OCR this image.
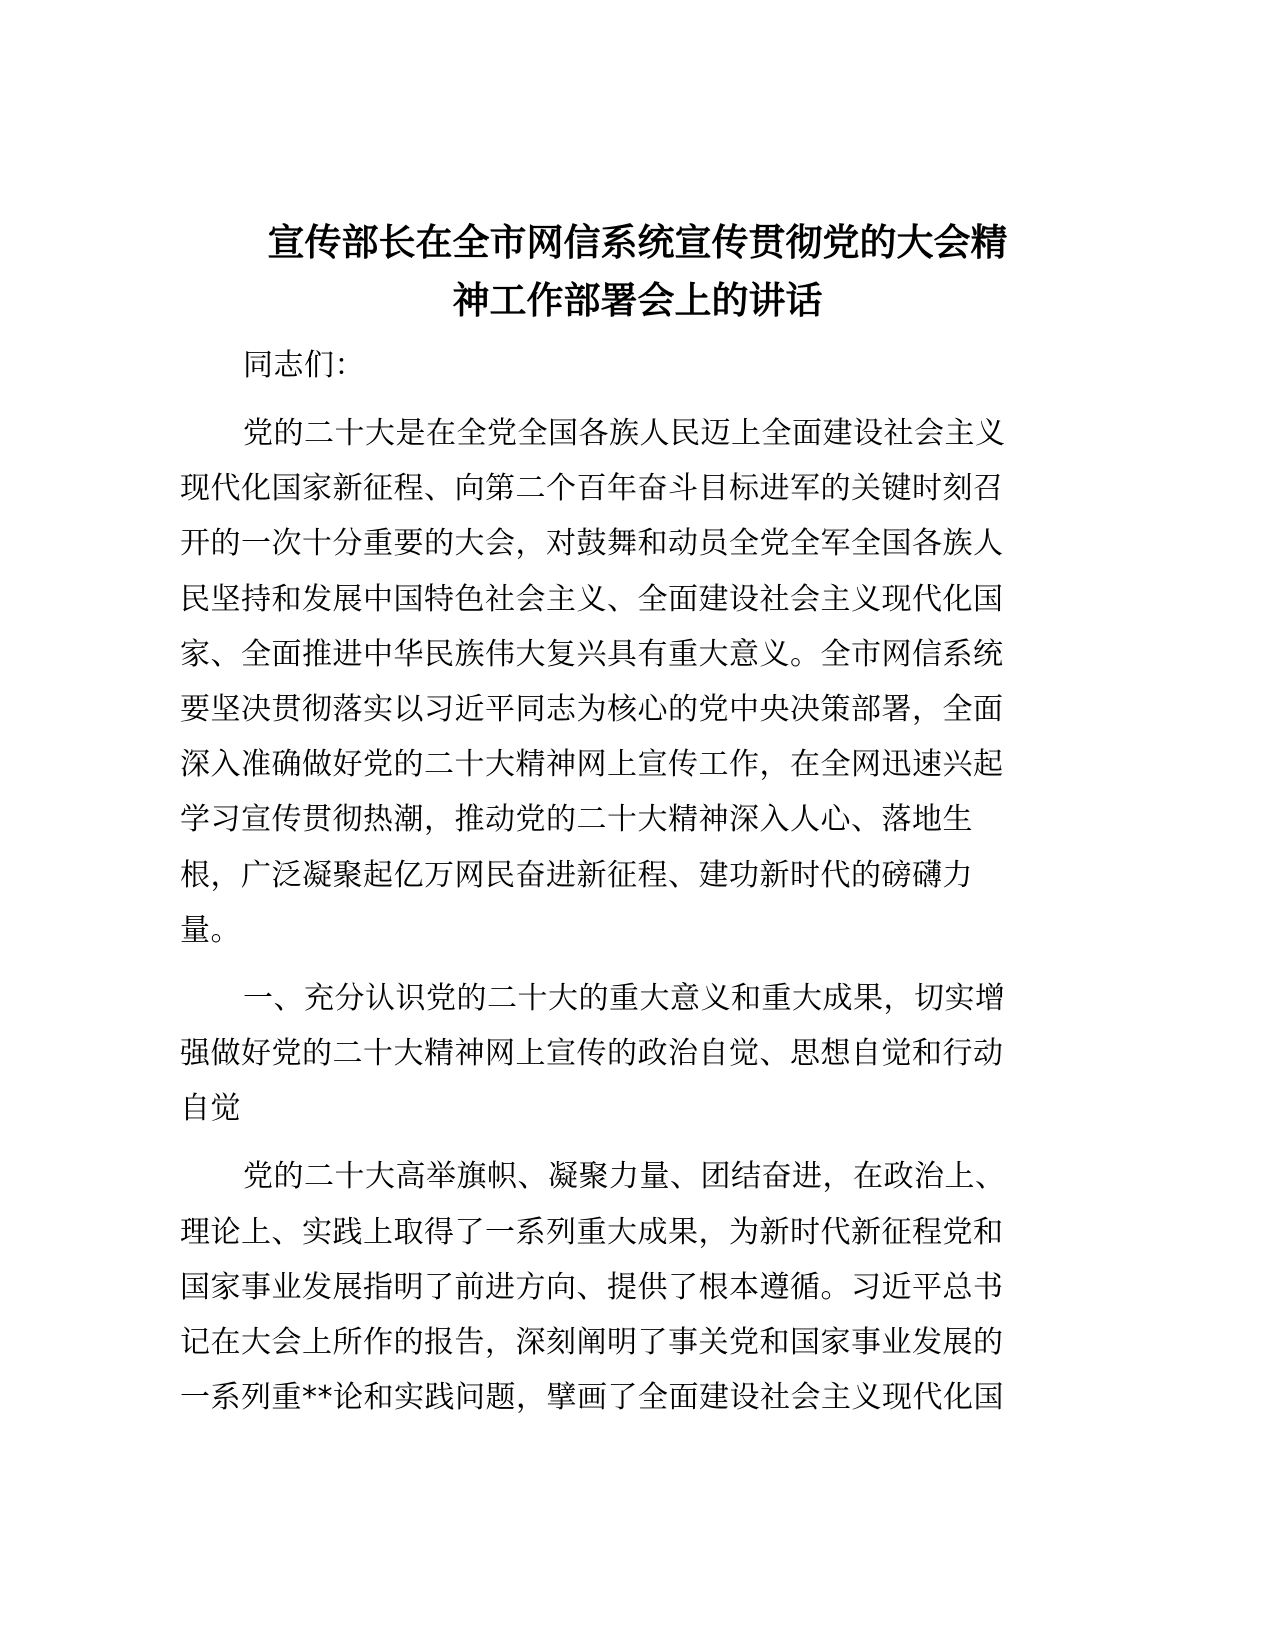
宣传部长在全市网信系统宣传贯彻党的大会精
神工作部署会上的讲话
同志们：
党的二十大是在全党全国各族人民迈上全面建设社会主义
现代化国家新征程、向第二个百年奋斗目标进军的关键时刻召
开的一次十分重要的大会，对鼓舞和动员全党全军全国各族人
民坚持和发展中国特色社会主义、全面建设社会主义现代化国
家、全面推进中华民族伟大复兴具有重大意义。全市网信系统
要坚决贯彻落实以习近平同志为核心的党中央决策部署，全面
深入准确做好党的二十大精神网上宣传工作，在全网迅速兴起
学习宣传贯彻热潮，推动党的二十大精神深入人心、落地生
根，广泛凝聚起亿万网民奋进新征程、建功新时代的磅礴力
量。
一、充分认识党的二十大的重大意义和重大成果，切实增
强做好党的二十大精神网上宣传的政治自觉、思想自觉和行动
自觉
党的二十大高举旗帜、凝聚力量、团结奋进，在政治上、
理论上、实践上取得了一系列重大成果，为新时代新征程党和
国家事业发展指明了前进方向、提供了根本遵循。习近平总书
记在大会上所作的报告，深刻阐明了事关党和国家事业发展的
一系列重**论和实践问题，擘画了全面建设社会主义现代化国
